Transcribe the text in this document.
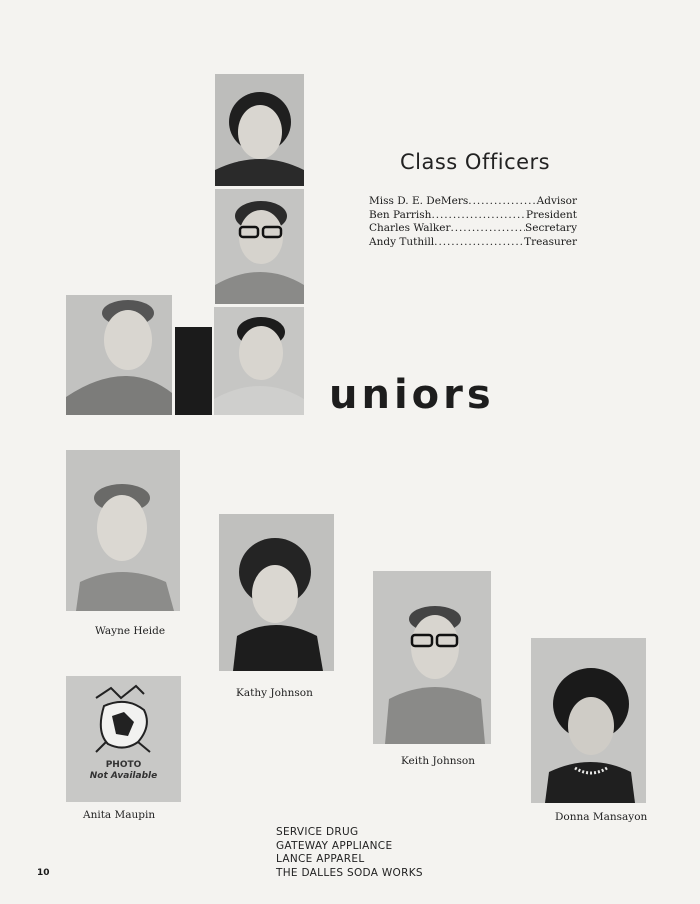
Class Officers
Miss D. E. DeMers . . .	Advisor
Ben Parrish . . .	President
Charles Walker . . .	Secretary
Andy Tuthill . . .	Treasurer
uniors
Wayne Heide
Kathy Johnson
Keith Johnson
PHOTO
Not Available
Anita Maupin	Donna Mansayon
SERVICE DRUG
GATEWAY APPLIANCE
LANCE APPAREL
THE DALLES SODA WORKS
10
